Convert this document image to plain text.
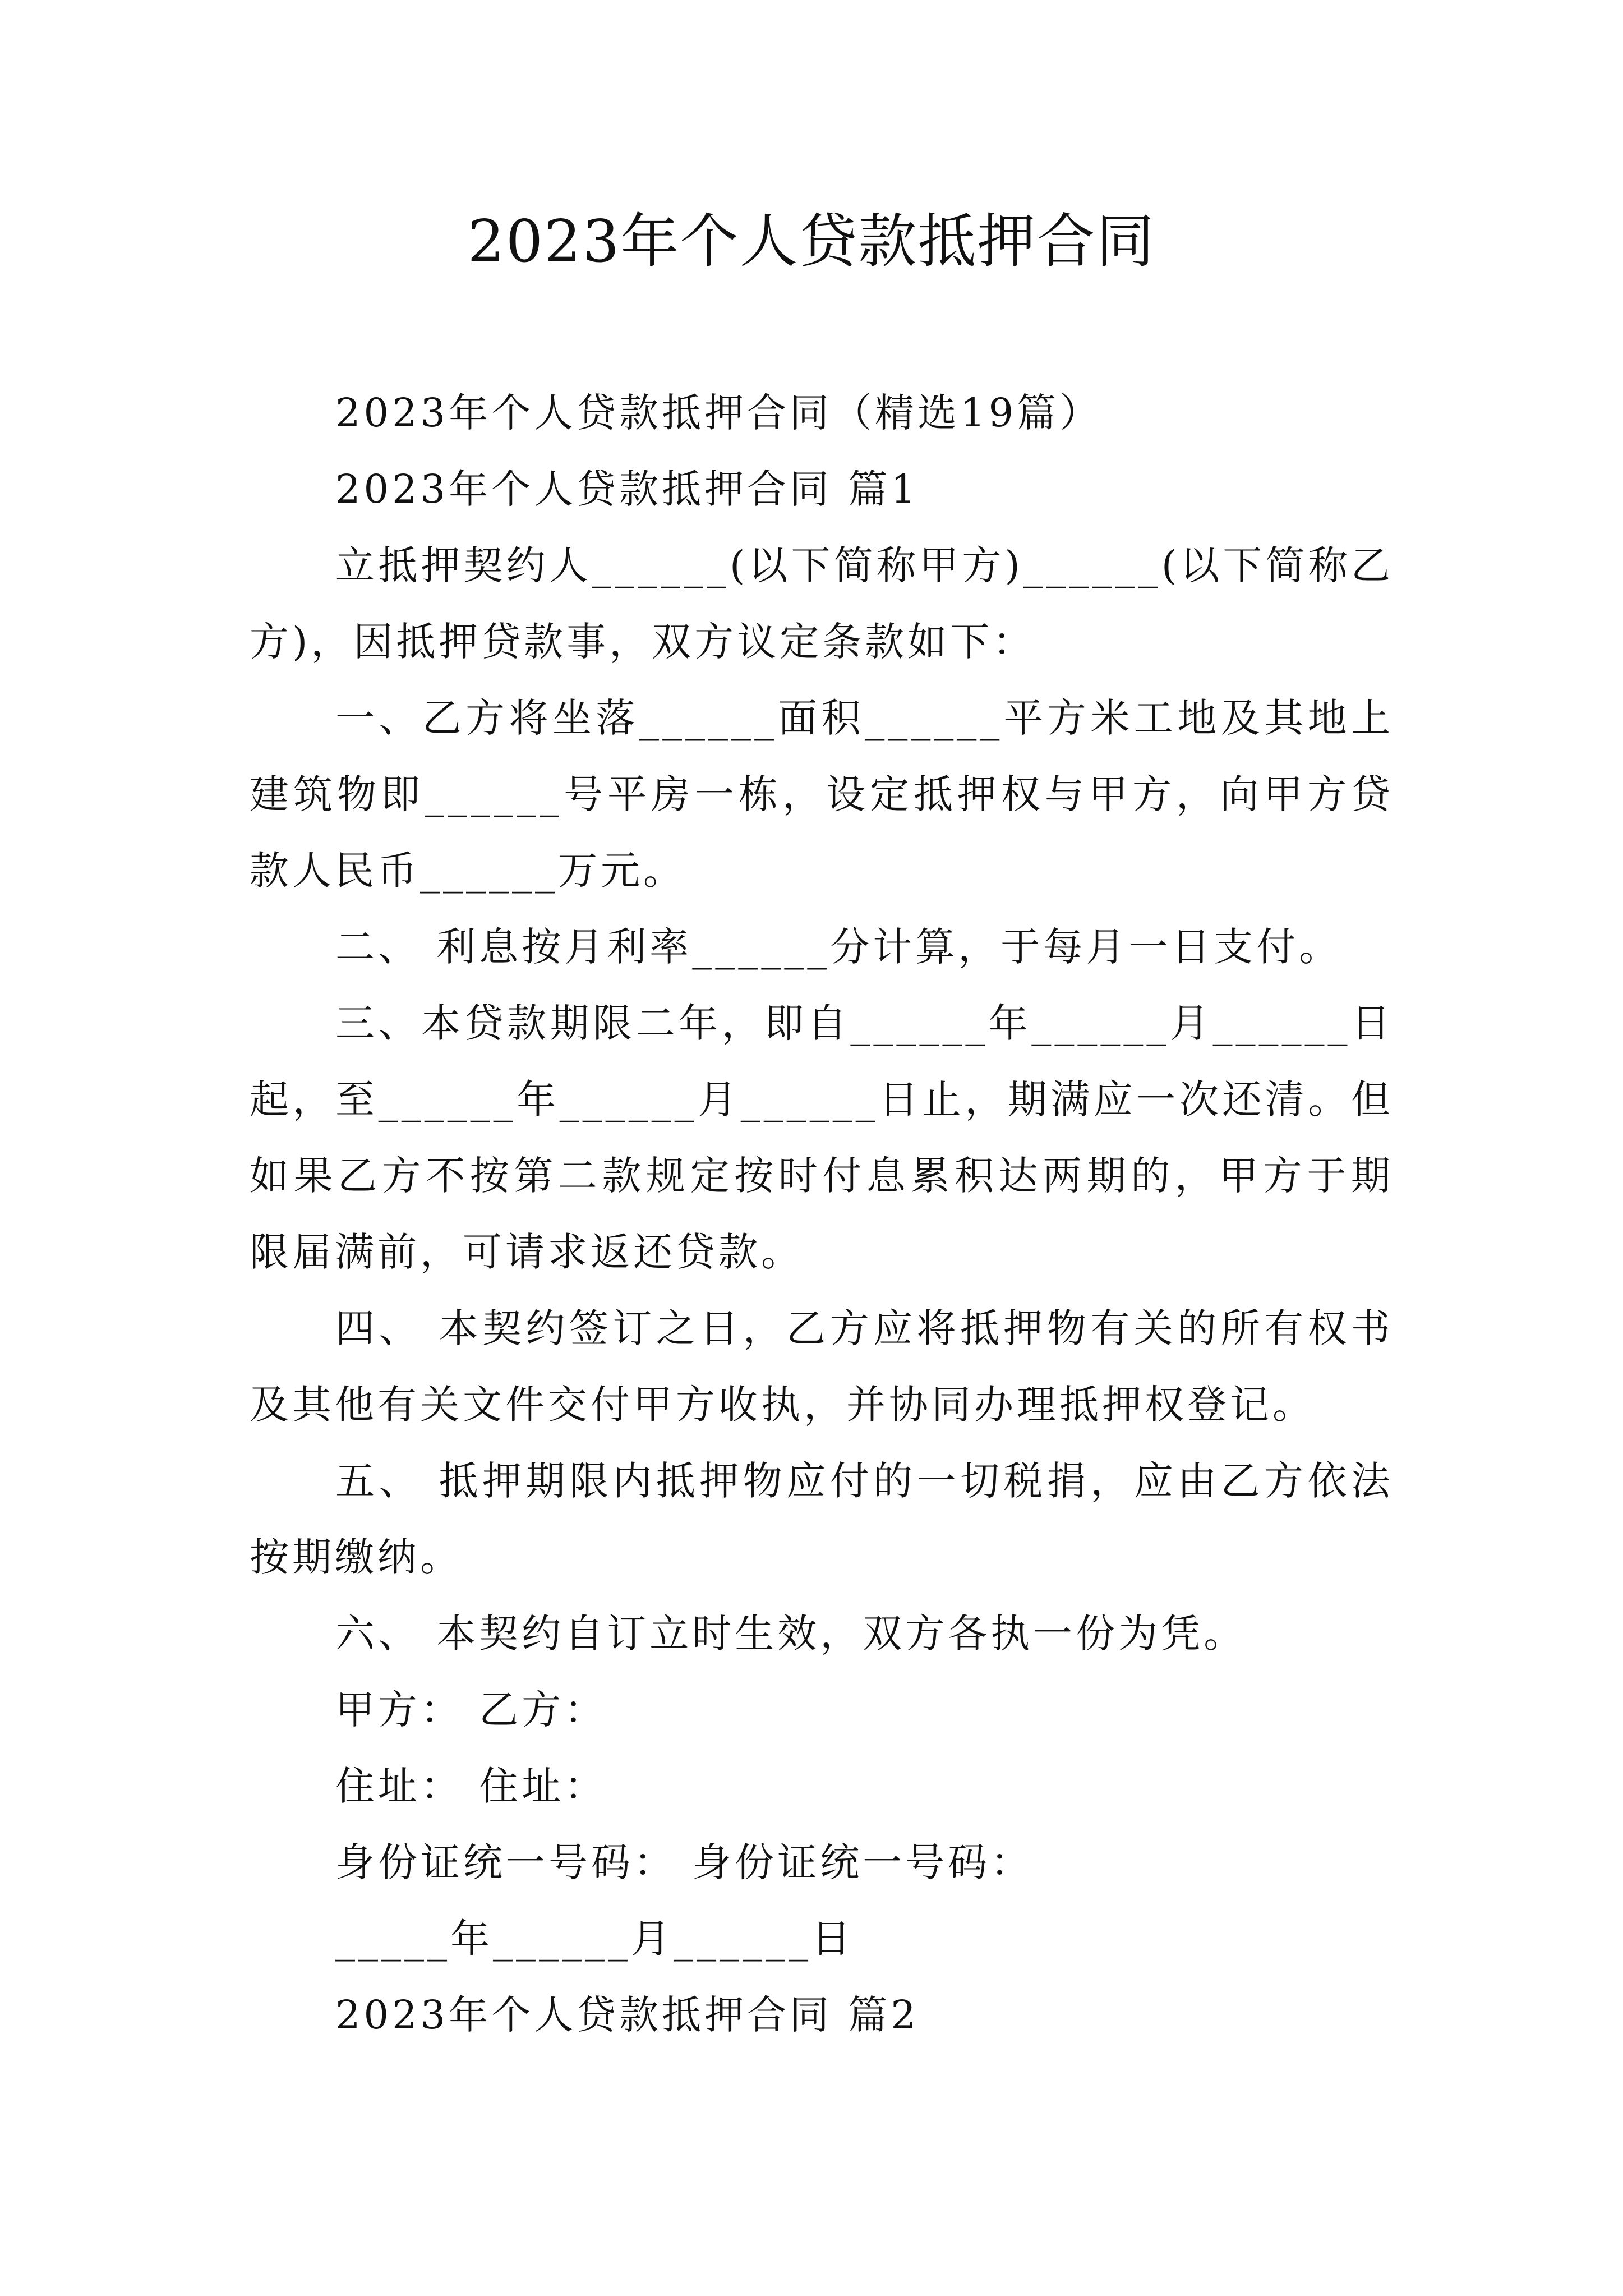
2023年个人贷款抵押合同

2023年个人贷款抵押合同（精选19篇）

2023年个人贷款抵押合同 篇1

立抵押契约人______(以下简称甲方)______(以下简称乙方)，因抵押贷款事，双方议定条款如下：

一、乙方将坐落______面积______平方米工地及其地上建筑物即______号平房一栋，设定抵押权与甲方，向甲方贷款人民币______万元。

二、 利息按月利率______分计算，于每月一日支付。

三、本贷款期限二年，即自______年______月______日起，至______年______月______日止，期满应一次还清。但如果乙方不按第二款规定按时付息累积达两期的，甲方于期限届满前，可请求返还贷款。

四、 本契约签订之日，乙方应将抵押物有关的所有权书及其他有关文件交付甲方收执，并协同办理抵押权登记。

五、 抵押期限内抵押物应付的一切税捐，应由乙方依法按期缴纳。

六、 本契约自订立时生效，双方各执一份为凭。

甲方： 乙方：

住址： 住址：

身份证统一号码： 身份证统一号码：

_____年______月______日

2023年个人贷款抵押合同 篇2
